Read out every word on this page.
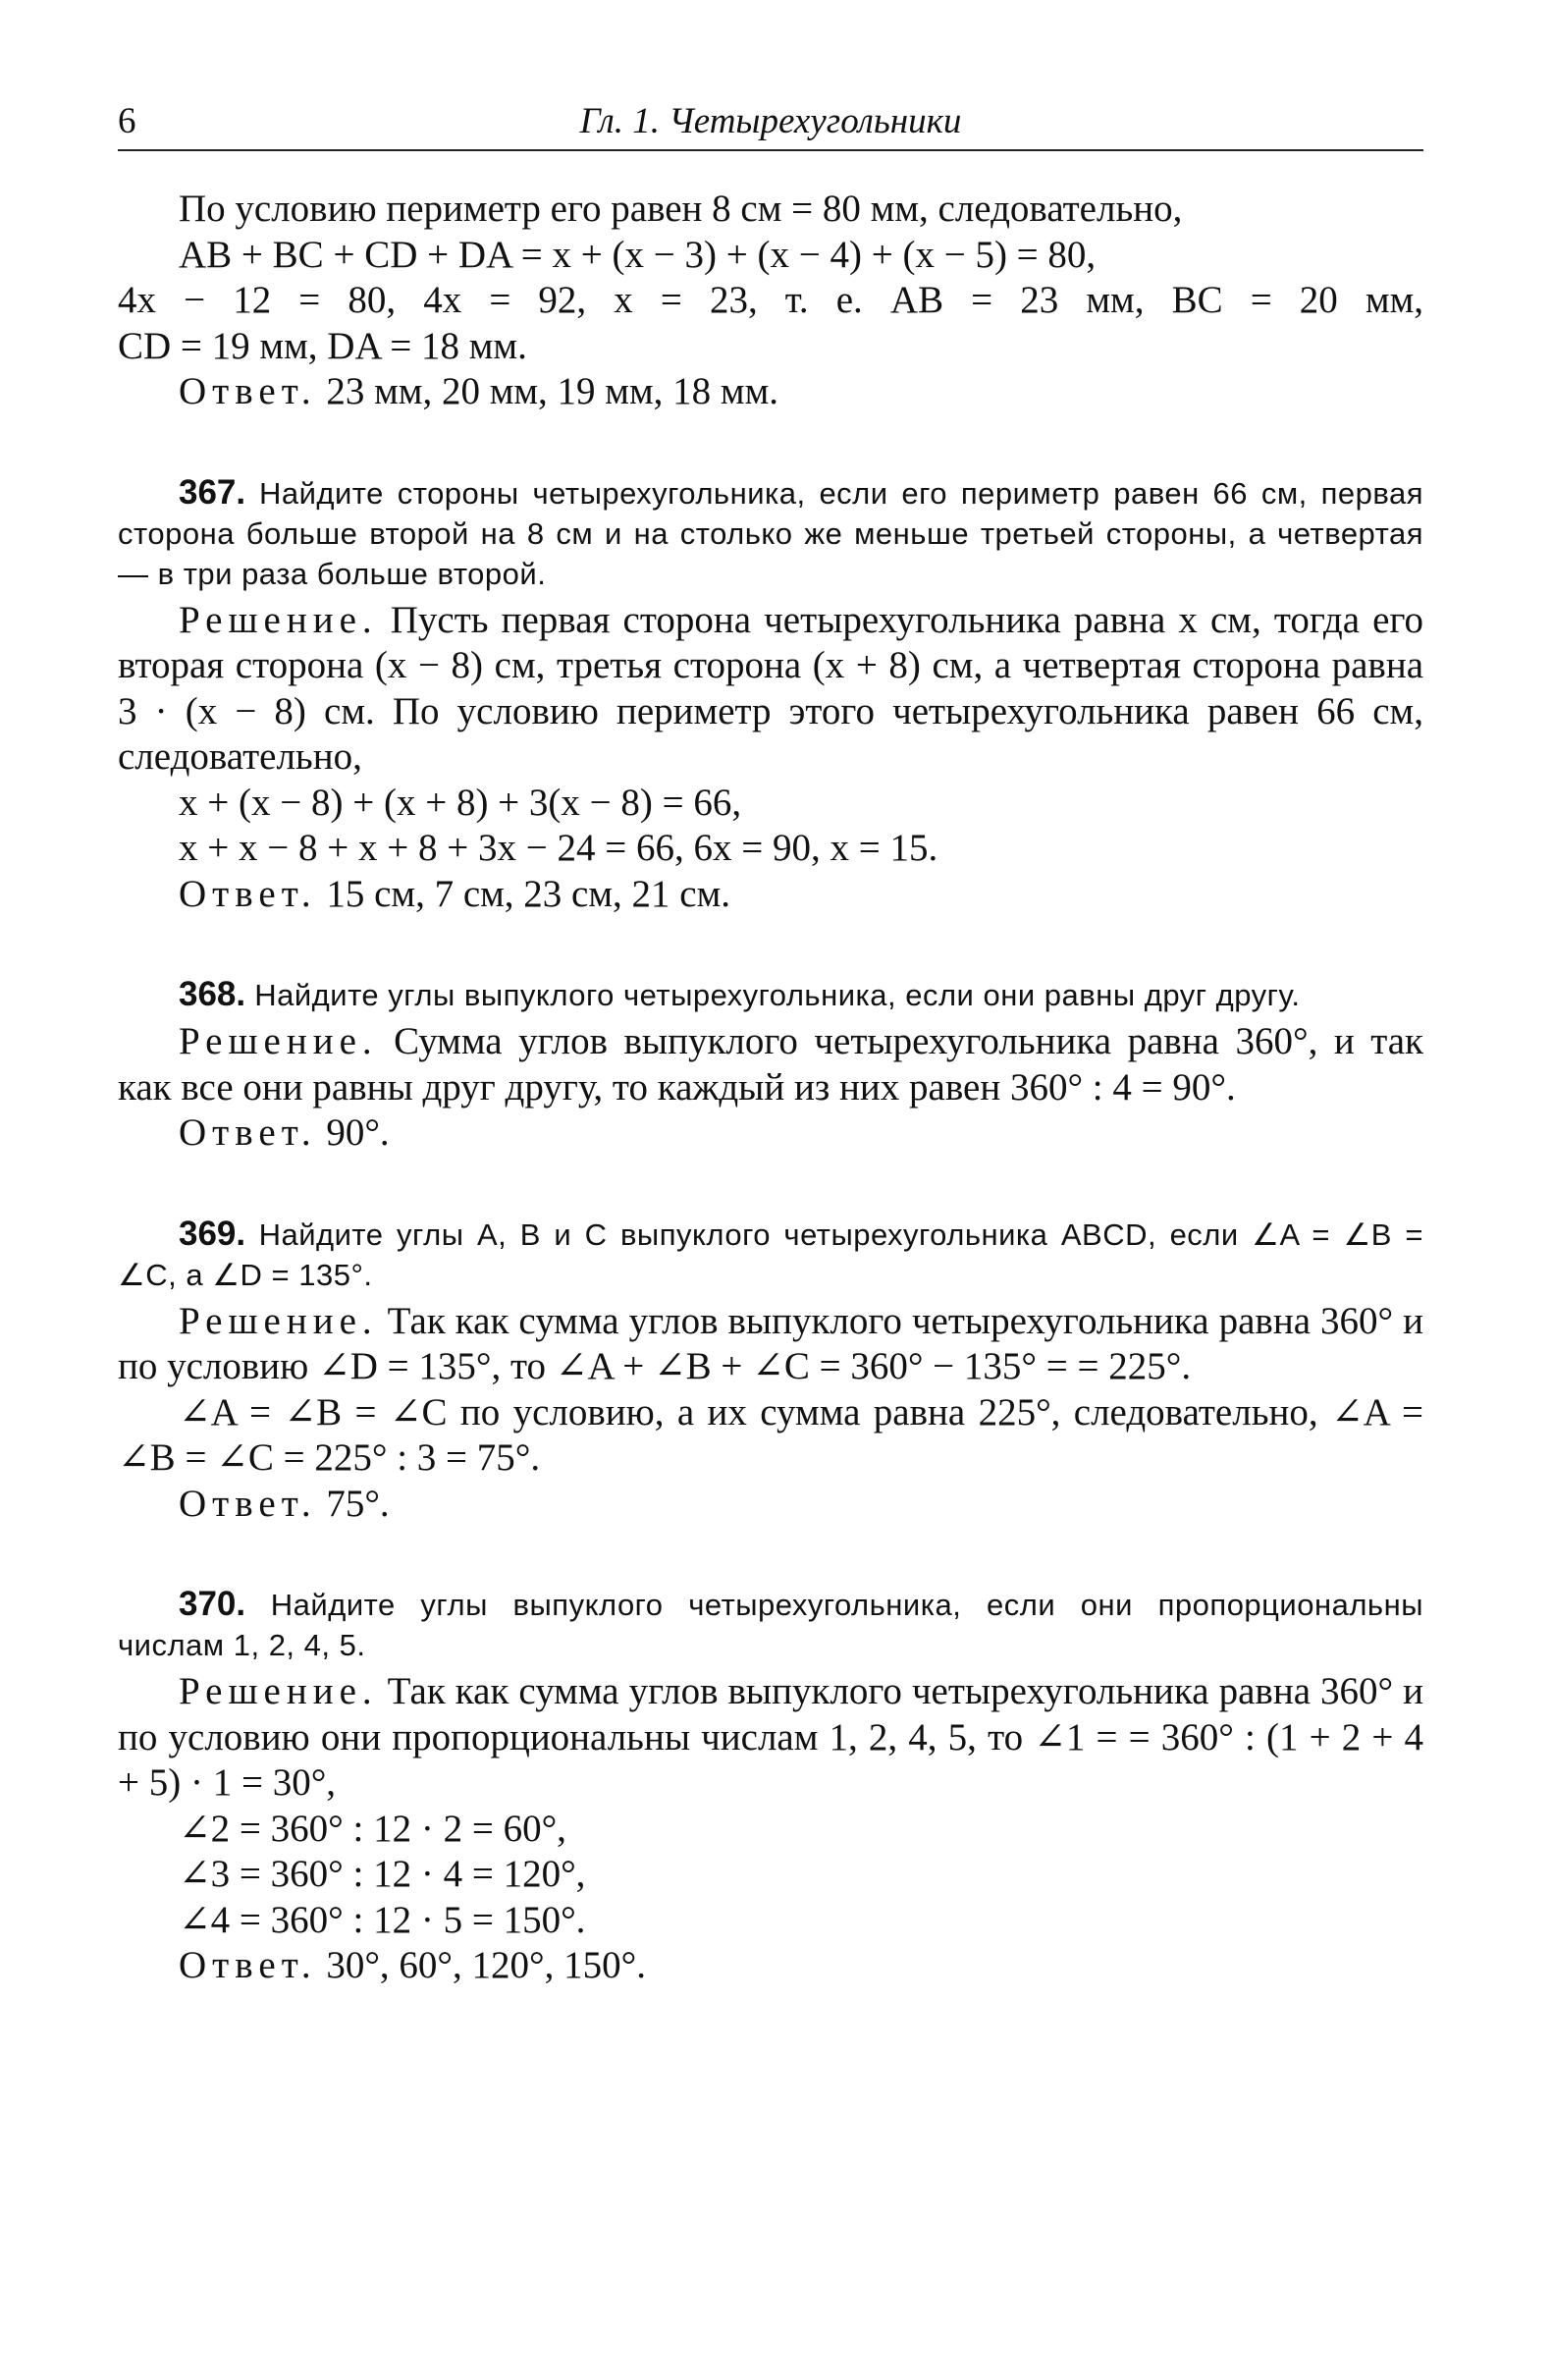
6	Гл. 1. Четырехугольники

По условию периметр его равен 8 см = 80 мм, следовательно,

AB + BC + CD + DA = x + (x − 3) + (x − 4) + (x − 5) = 80,

4x − 12 = 80, 4x = 92, x = 23, т. е. AB = 23 мм, BC = 20 мм,

CD = 19 мм, DA = 18 мм.

Ответ. 23 мм, 20 мм, 19 мм, 18 мм.

367. Найдите стороны четырехугольника, если его периметр равен 66 см, первая сторона больше второй на 8 см и на столько же меньше третьей стороны, а четвертая — в три раза больше второй.

Решение. Пусть первая сторона четырехугольника равна x см, тогда его вторая сторона (x − 8) см, третья сторона (x + 8) см, а четвертая сторона равна 3 · (x − 8) см. По условию периметр этого четырехугольника равен 66 см, следовательно,

x + (x − 8) + (x + 8) + 3(x − 8) = 66,

x + x − 8 + x + 8 + 3x − 24 = 66, 6x = 90, x = 15.

Ответ. 15 см, 7 см, 23 см, 21 см.

368. Найдите углы выпуклого четырехугольника, если они равны друг другу.

Решение. Сумма углов выпуклого четырехугольника равна 360°, и так как все они равны друг другу, то каждый из них равен 360° : 4 = 90°.

Ответ. 90°.

369. Найдите углы A, B и C выпуклого четырехугольника ABCD, если ∠A = ∠B = ∠C, а ∠D = 135°.

Решение. Так как сумма углов выпуклого четырехугольника равна 360° и по условию ∠D = 135°, то ∠A + ∠B + ∠C = 360° − 135° = = 225°.

∠A = ∠B = ∠C по условию, а их сумма равна 225°, следовательно, ∠A = ∠B = ∠C = 225° : 3 = 75°.

Ответ. 75°.

370. Найдите углы выпуклого четырехугольника, если они пропорциональны числам 1, 2, 4, 5.

Решение. Так как сумма углов выпуклого четырехугольника равна 360° и по условию они пропорциональны числам 1, 2, 4, 5, то ∠1 = = 360° : (1 + 2 + 4 + 5) · 1 = 30°,

∠2 = 360° : 12 · 2 = 60°,

∠3 = 360° : 12 · 4 = 120°,

∠4 = 360° : 12 · 5 = 150°.

Ответ. 30°, 60°, 120°, 150°.
